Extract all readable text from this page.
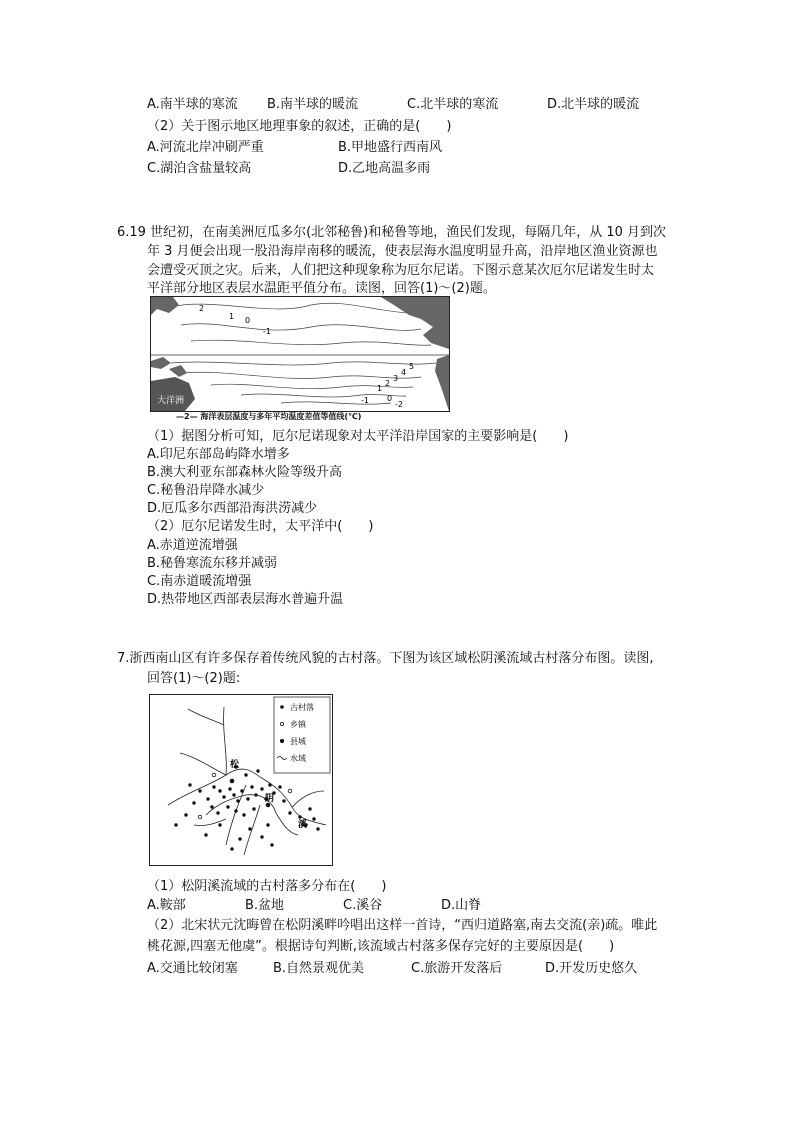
A.南半球的寒流 B.南半球的暖流	C.北半球的寒流	D.北半球的暖流
（2）关于图示地区地理事象的叙述，正确的是(　　)
A.河流北岸冲刷严重	B.甲地盛行西南风
C.湖泊含盐量较高	D.乙地高温多雨
6.19 世纪初，在南美洲厄瓜多尔(北邻秘鲁)和秘鲁等地，渔民们发现，每隔几年，从 10 月到次
年 3 月便会出现一股沿海岸南移的暖流，使表层海水温度明显升高，沿岸地区渔业资源也
会遭受灭顶之灾。后来，人们把这种现象称为厄尔尼诺。下图示意某次厄尔尼诺发生时太
平洋部分地区表层水温距平值分布。读图，回答(1)～(2)题。
大洋洲
2
1 0
-1
5
4
3
2
1
0
-1	-2
—2— 海洋表层温度与多年平均温度差值等值线(℃)
（1）据图分析可知，厄尔尼诺现象对太平洋沿岸国家的主要影响是(　　)
A.印尼东部岛屿降水增多
B.澳大利亚东部森林火险等级升高
C.秘鲁沿岸降水减少
D.厄瓜多尔西部沿海洪涝减少
（2）厄尔尼诺发生时，太平洋中(　　)
A.赤道逆流增强
B.秘鲁寒流东移并减弱
C.南赤道暖流增强
D.热带地区西部表层海水普遍升温
7.浙西南山区有许多保存着传统风貌的古村落。下图为该区域松阴溪流域古村落分布图。读图,
回答(1)～(2)题:
古村落
乡镇
县城
水域
松
阴
溪
（1）松阴溪流域的古村落多分布在(　　)
A.鞍部	B.盆地	C.溪谷	D.山脊
（2）北宋状元沈晦曾在松阴溪畔吟唱出这样一首诗，“西归道路塞,南去交流(亲)疏。唯此
桃花源,四塞无他虞”。根据诗句判断,该流域古村落多保存完好的主要原因是(　　)
A.交通比较闭塞	B.自然景观优美	C.旅游开发落后	D.开发历史悠久
